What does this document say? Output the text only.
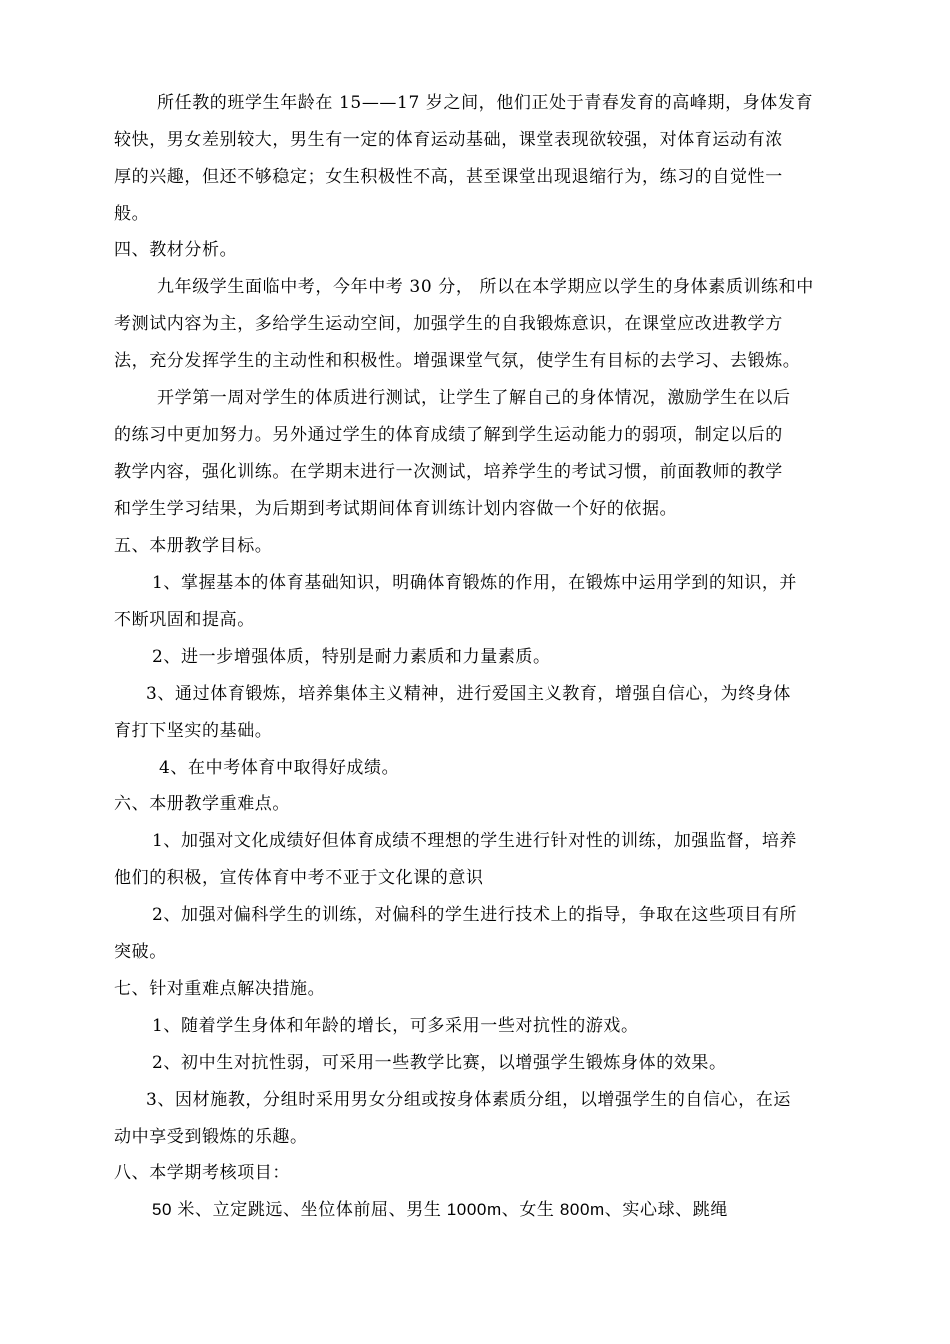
所任教的班学生年龄在 15——17 岁之间，他们正处于青春发育的高峰期，身体发育
较快，男女差别较大，男生有一定的体育运动基础，课堂表现欲较强，对体育运动有浓
厚的兴趣，但还不够稳定；女生积极性不高，甚至课堂出现退缩行为，练习的自觉性一
般。
四、教材分析。
九年级学生面临中考，今年中考 30 分， 所以在本学期应以学生的身体素质训练和中
考测试内容为主，多给学生运动空间，加强学生的自我锻炼意识，在课堂应改进教学方
法，充分发挥学生的主动性和积极性。增强课堂气氛，使学生有目标的去学习、去锻炼。
开学第一周对学生的体质进行测试，让学生了解自己的身体情况，激励学生在以后
的练习中更加努力。另外通过学生的体育成绩了解到学生运动能力的弱项，制定以后的
教学内容，强化训练。在学期末进行一次测试，培养学生的考试习惯，前面教师的教学
和学生学习结果，为后期到考试期间体育训练计划内容做一个好的依据。
五、本册教学目标。
1、掌握基本的体育基础知识，明确体育锻炼的作用，在锻炼中运用学到的知识，并
不断巩固和提高。
2、进一步增强体质，特别是耐力素质和力量素质。
3、通过体育锻炼，培养集体主义精神，进行爱国主义教育，增强自信心，为终身体
育打下坚实的基础。
4、在中考体育中取得好成绩。
六、本册教学重难点。
1、加强对文化成绩好但体育成绩不理想的学生进行针对性的训练，加强监督，培养
他们的积极，宣传体育中考不亚于文化课的意识
2、加强对偏科学生的训练，对偏科的学生进行技术上的指导，争取在这些项目有所
突破。
七、针对重难点解决措施。
1、随着学生身体和年龄的增长，可多采用一些对抗性的游戏。
2、初中生对抗性弱，可采用一些教学比赛，以增强学生锻炼身体的效果。
3、因材施教，分组时采用男女分组或按身体素质分组，以增强学生的自信心，在运
动中享受到锻炼的乐趣。
八、本学期考核项目：
50 米、立定跳远、坐位体前屈、男生 1000m、女生 800m、实心球、跳绳
